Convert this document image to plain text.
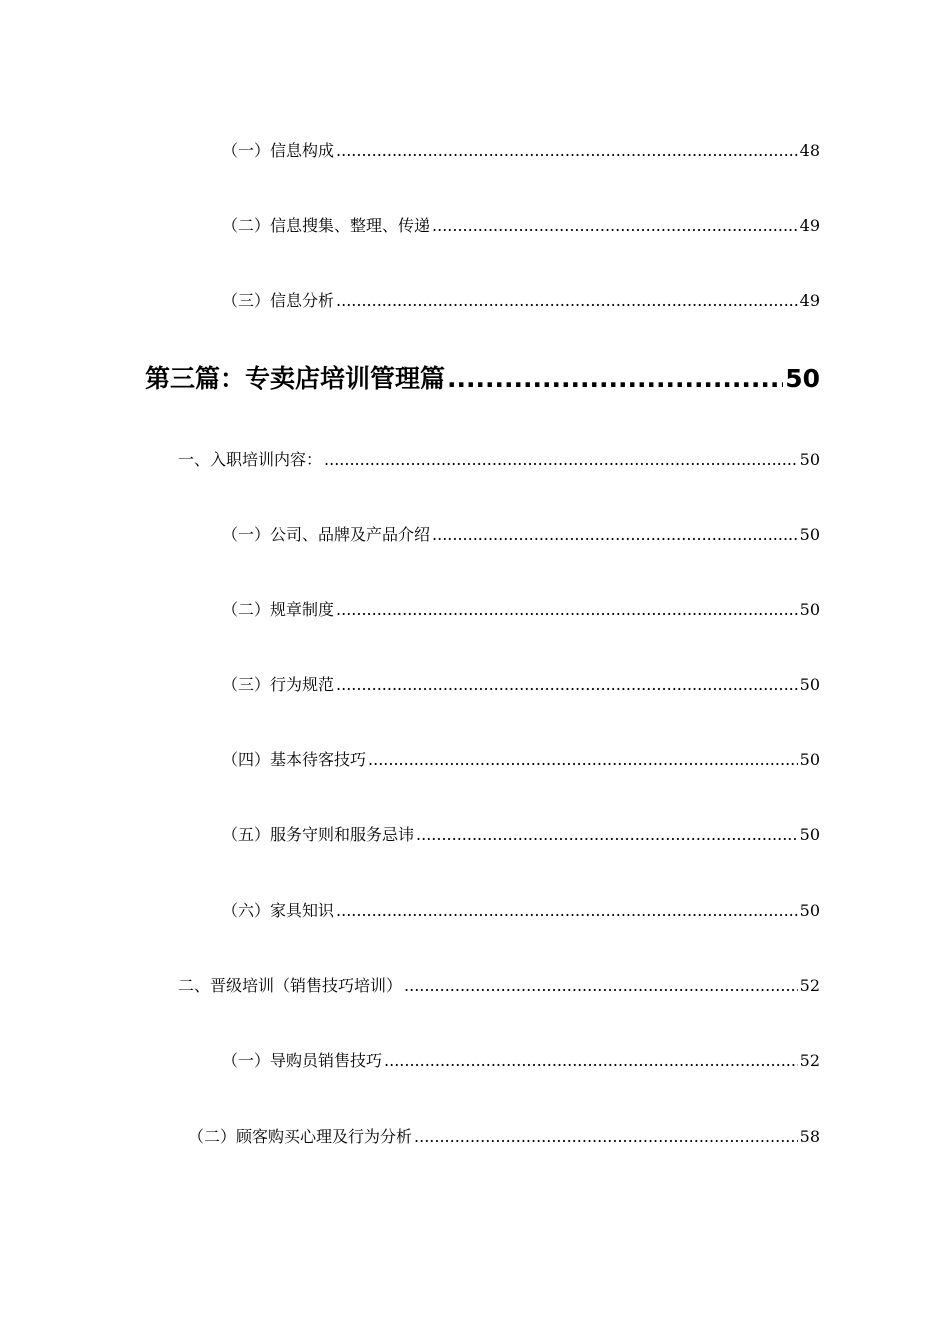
（一）信息构成 .....	48
（二）信息搜集、整理、传递 .....	49
（三）信息分析 .....	49
第三篇：专卖店培训管理篇 .....	50
一、入职培训内容： .....	50
（一）公司、品牌及产品介绍 .....	50
（二）规章制度 .....	50
（三）行为规范 .....	50
（四）基本待客技巧 .....	50
（五）服务守则和服务忌讳 .....	50
（六）家具知识 .....	50
二、晋级培训（销售技巧培训） .....	52
（一）导购员销售技巧 .....	52
（二）顾客购买心理及行为分析 .....	58
